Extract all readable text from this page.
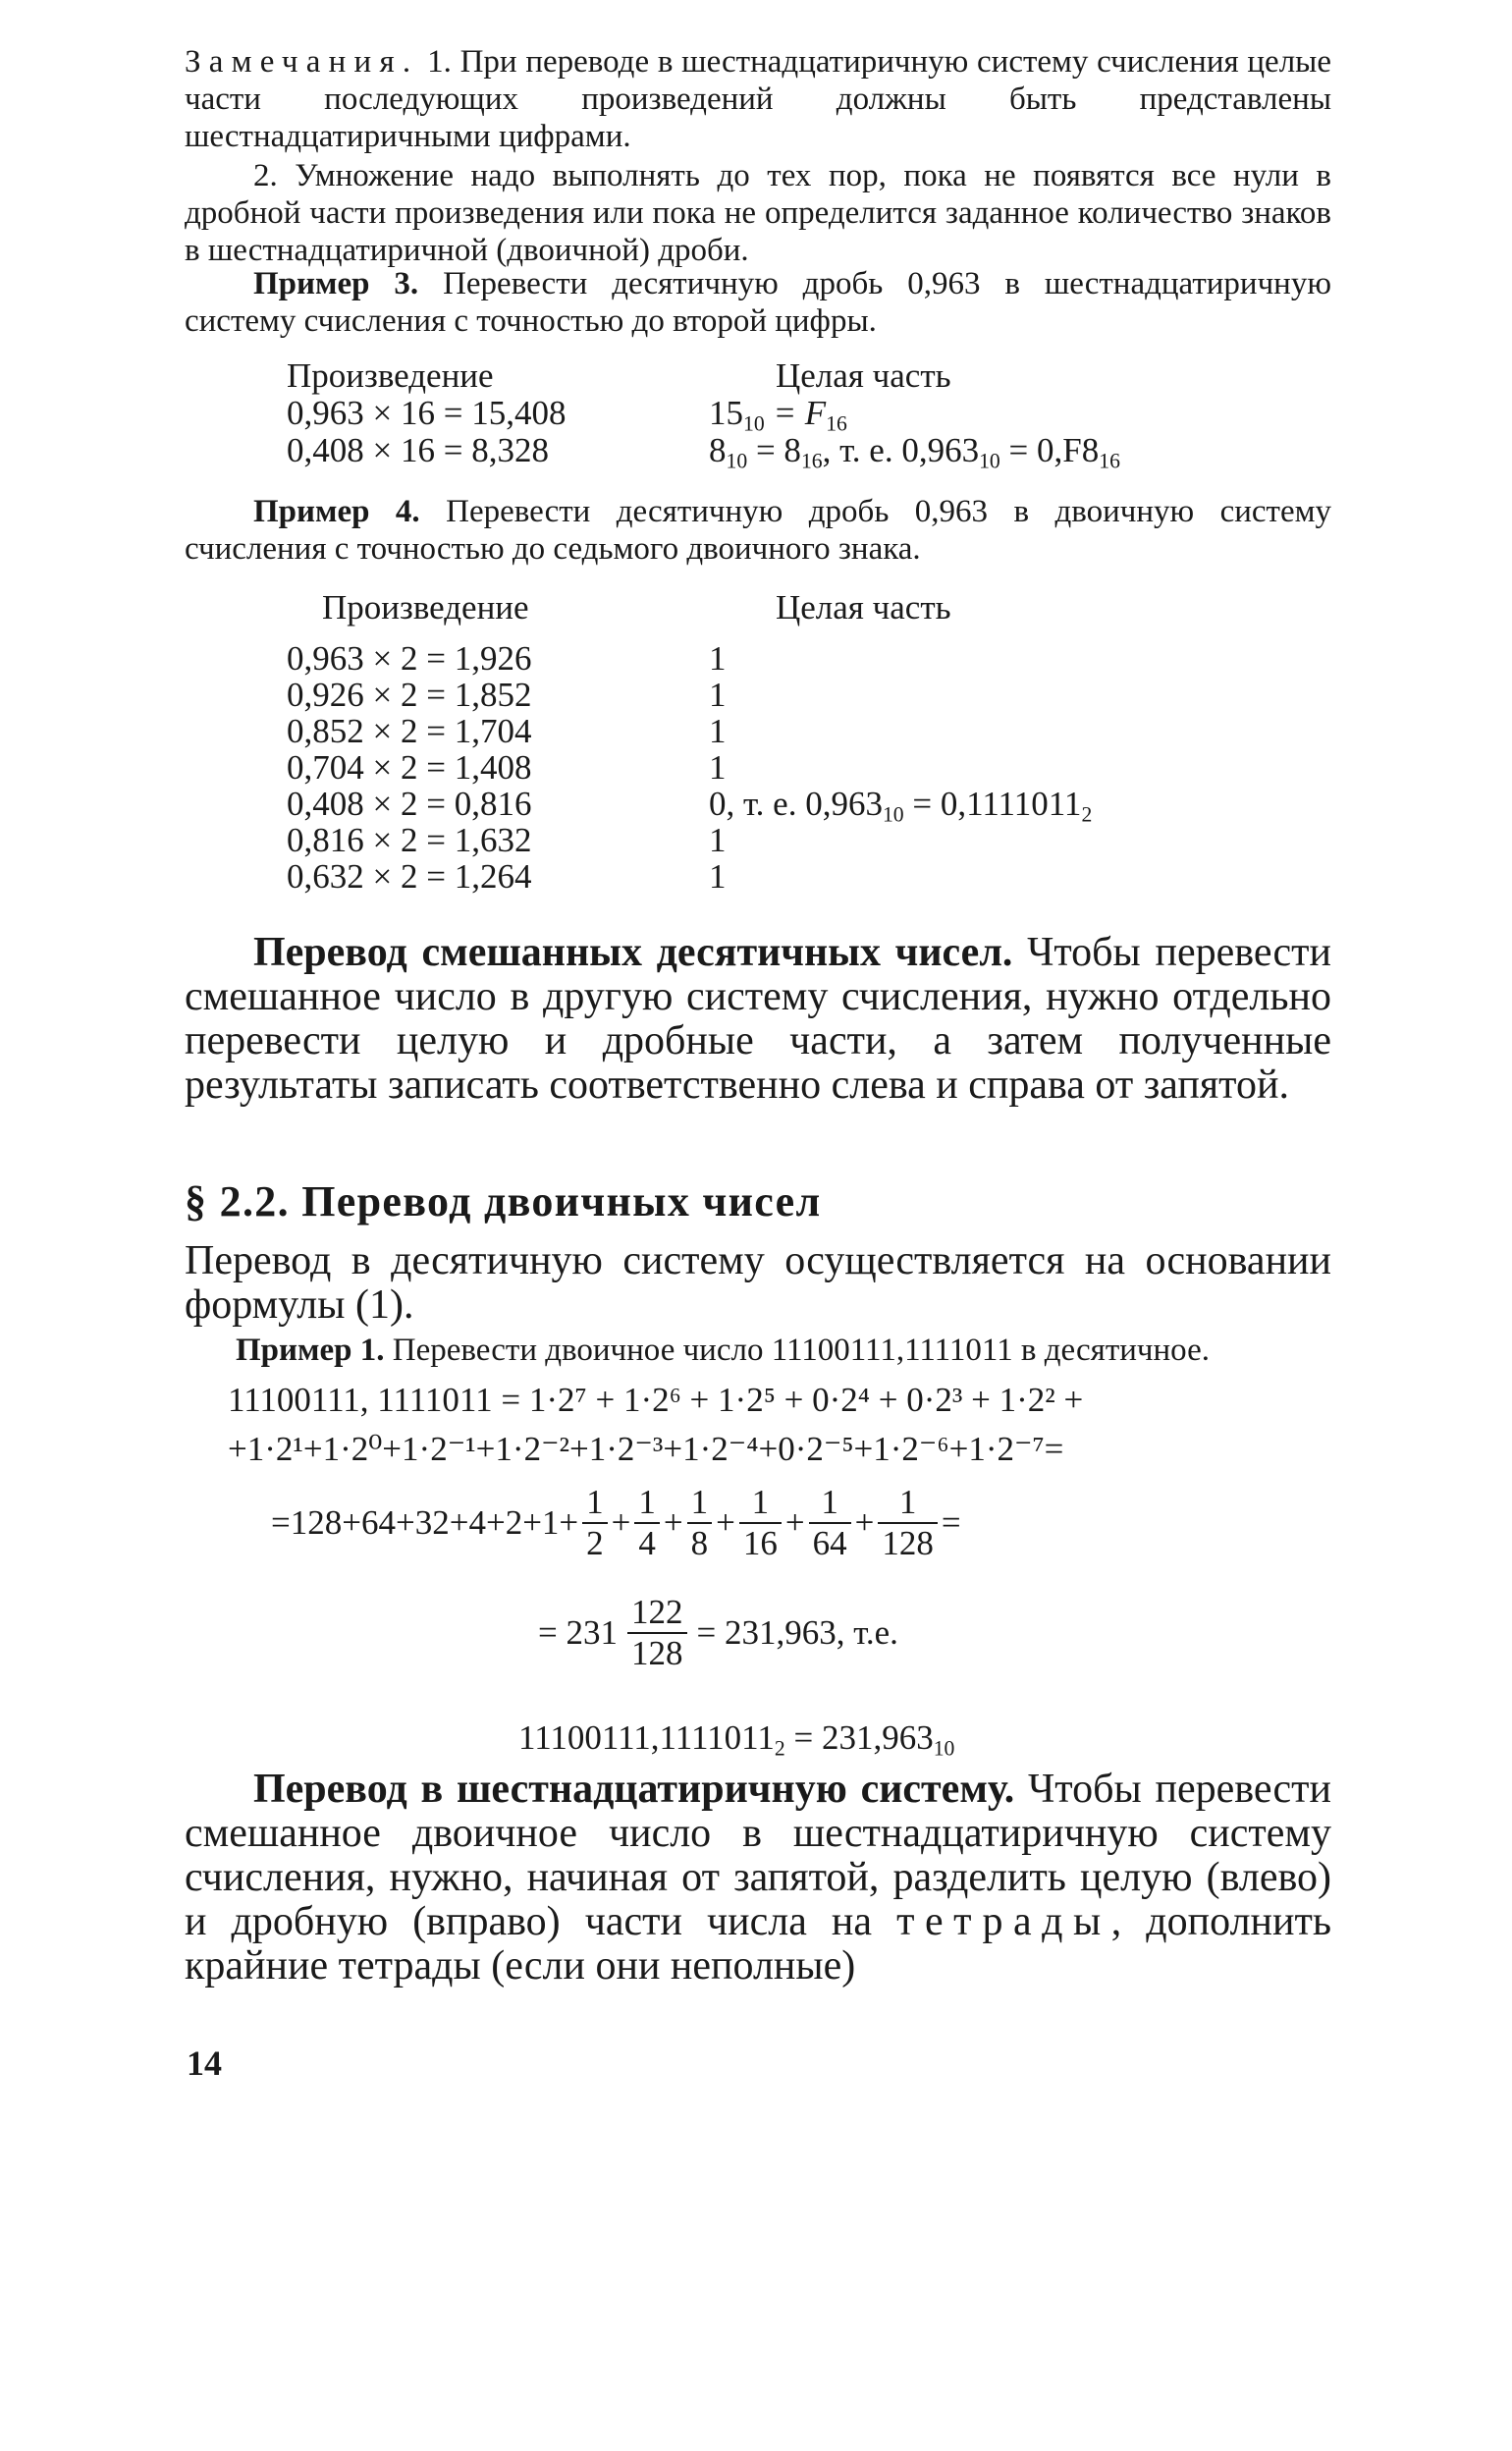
Замечания. 1. При переводе в шестнадцатиричную систему счисления целые части последующих произведений должны быть представлены шестнадцатиричными цифрами.

2. Умножение надо выполнять до тех пор, пока не появятся все нули в дробной части произведения или пока не определится заданное количество знаков в шестнадцатиричной (двоичной) дроби.

Пример 3. Перевести десятичную дробь 0,963 в шестнадцатиричную систему счисления с точностью до второй цифры.

Произведение	Целая часть
0,963 × 16 = 15,408	$15_{10} = F_{16}$
0,408 × 16 = 8,328	$8_{10} = 8_{16}$, т. е. $0,963_{10} = 0,F8_{16}$

Пример 4. Перевести десятичную дробь 0,963 в двоичную систему счисления с точностью до седьмого двоичного знака.

Произведение	Целая часть
0,963 × 2 = 1,926	1
0,926 × 2 = 1,852	1
0,852 × 2 = 1,704	1
0,704 × 2 = 1,408	1
0,408 × 2 = 0,816	0, т. е. $0,963_{10} = 0,1111011_2$
0,816 × 2 = 1,632	1
0,632 × 2 = 1,264	1

Перевод смешанных десятичных чисел. Чтобы перевести смешанное число в другую систему счисления, нужно отдельно перевести целую и дробные части, а затем полученные результаты записать соответственно слева и справа от запятой.

§ 2.2. Перевод двоичных чисел

Перевод в десятичную систему осуществляется на основании формулы (1).

Пример 1. Перевести двоичное число 11100111,1111011 в десятичное.

11100111, 1111011 = 1·2⁷ + 1·2⁶ + 1·2⁵ + 0·2⁴ + 0·2³ + 1·2² +
+1·2¹+1·2⁰+1·2⁻¹+1·2⁻²+1·2⁻³+1·2⁻⁴+0·2⁻⁵+1·2⁻⁶+1·2⁻⁷=
$=128+64+32+4+2+1+ \frac{1}{2} + \frac{1}{4} + \frac{1}{8} + \frac{1}{16} + \frac{1}{64} + \frac{1}{128}$ =
= $231 \frac{122}{128} = 231,963$, т.е.
$11100111,1111011_2 = 231,963_{10}$

Перевод в шестнадцатиричную систему. Чтобы перевести смешанное двоичное число в шестнадцатиричную систему счисления, нужно, начиная от запятой, разделить целую (влево) и дробную (вправо) части числа на тетрады, дополнить крайние тетрады (если они неполные)

14
